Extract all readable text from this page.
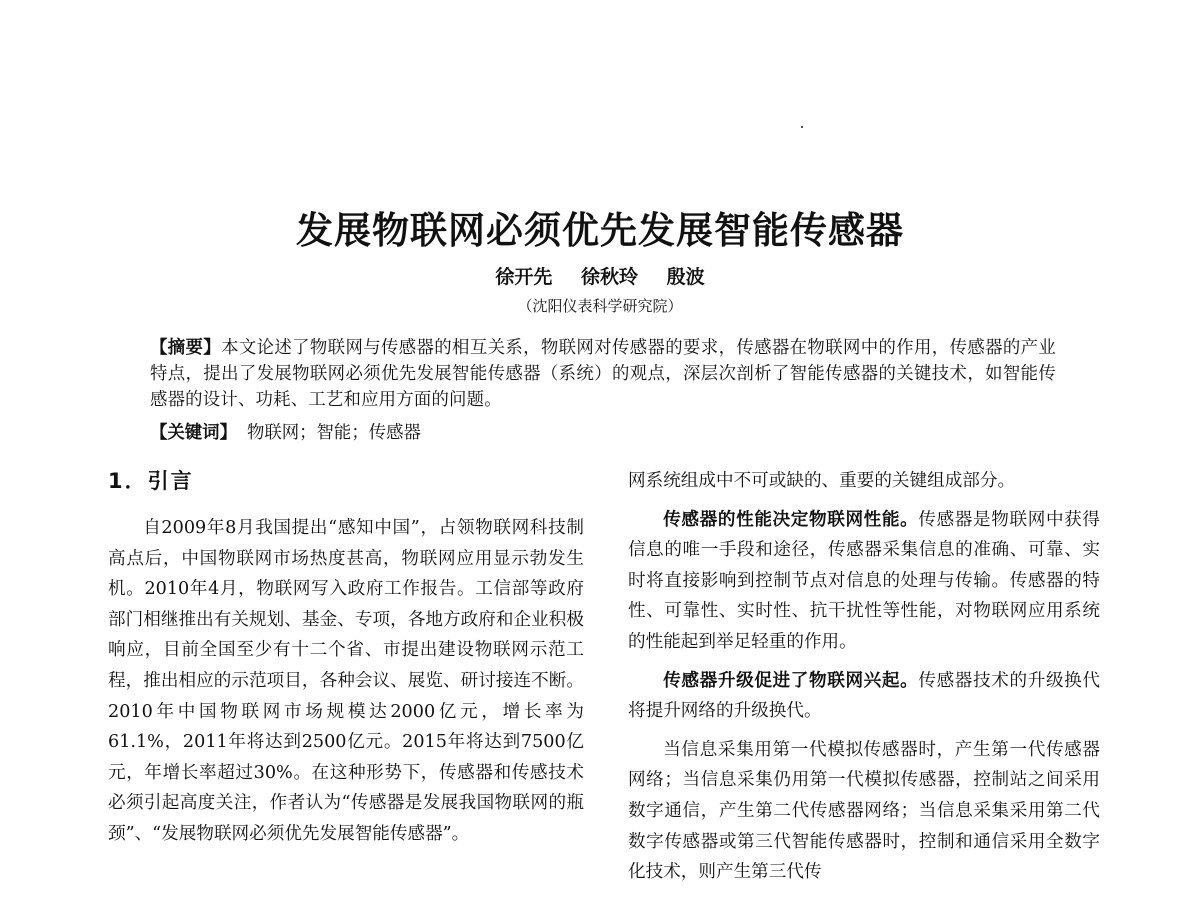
发展物联网必须优先发展智能传感器
徐开先 徐秋玲 殷波
（沈阳仪表科学研究院）
【摘要】本文论述了物联网与传感器的相互关系，物联网对传感器的要求，传感器在物联网中的作用，传感器的产业特点，提出了发展物联网必须优先发展智能传感器（系统）的观点，深层次剖析了智能传感器的关键技术，如智能传感器的设计、功耗、工艺和应用方面的问题。
【关键词】 物联网；智能；传感器
1．引言

自2009年8月我国提出“感知中国”，占领物联网科技制高点后，中国物联网市场热度甚高，物联网应用显示勃发生机。2010年4月，物联网写入政府工作报告。工信部等政府部门相继推出有关规划、基金、专项，各地方政府和企业积极响应，目前全国至少有十二个省、市提出建设物联网示范工程，推出相应的示范项目，各种会议、展览、研讨接连不断。2010年中国物联网市场规模达2000亿元，增长率为61.1%，2011年将达到2500亿元。2015年将达到7500亿元，年增长率超过30%。在这种形势下，传感器和传感技术必须引起高度关注，作者认为“传感器是发展我国物联网的瓶颈”、“发展物联网必须优先发展智能传感器”。

网系统组成中不可或缺的、重要的关键组成部分。

传感器的性能决定物联网性能。传感器是物联网中获得信息的唯一手段和途径，传感器采集信息的准确、可靠、实时将直接影响到控制节点对信息的处理与传输。传感器的特性、可靠性、实时性、抗干扰性等性能，对物联网应用系统的性能起到举足轻重的作用。

传感器升级促进了物联网兴起。传感器技术的升级换代将提升网络的升级换代。

当信息采集用第一代模拟传感器时，产生第一代传感器网络；当信息采集仍用第一代模拟传感器，控制站之间采用数字通信，产生第二代传感器网络；当信息采集采用第二代数字传感器或第三代智能传感器时，控制和通信采用全数字化技术，则产生第三代传
